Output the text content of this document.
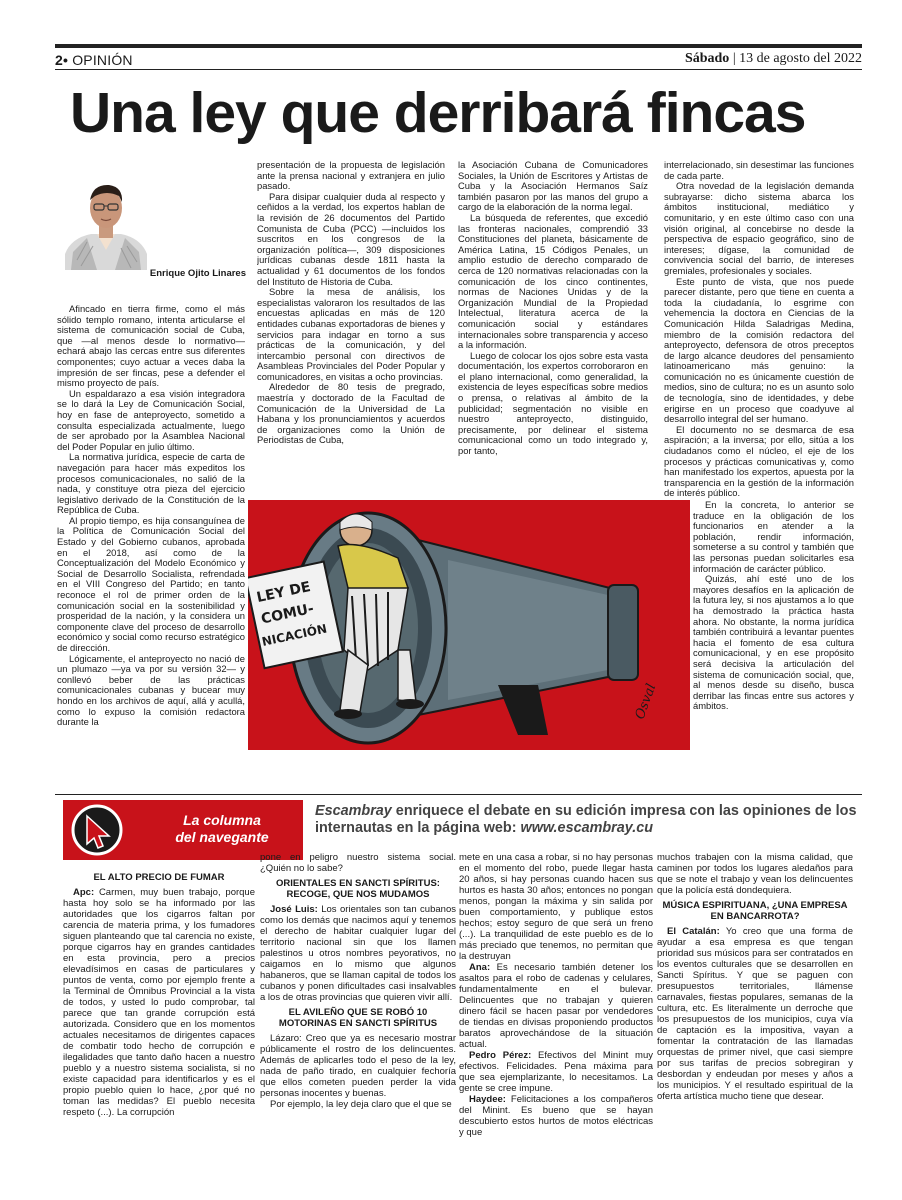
2• OPINIÓN	Sábado | 13 de agosto del 2022
Una ley que derribará fincas
Enrique Ojito Linares

Afincado en tierra firme, como el más sólido templo romano, intenta articularse el sistema de comunicación social de Cuba, que —al menos desde lo normativo— echará abajo las cercas entre sus diferentes componentes; cuyo actuar a veces daba la impresión de ser fincas, pese a defender el mismo proyecto de país.

Un espaldarazo a esa visión integradora se lo dará la Ley de Comunicación Social, hoy en fase de anteproyecto, sometido a consulta especializada actualmente, luego de ser aprobado por la Asamblea Nacional del Poder Popular en julio último.

La normativa jurídica, especie de carta de navegación para hacer más expeditos los procesos comunicacionales, no salió de la nada, y constituye otra pieza del ejercicio legislativo derivado de la Constitución de la República de Cuba.

Al propio tiempo, es hija consanguínea de la Política de Comunicación Social del Estado y del Gobierno cubanos, aprobada en el 2018, así como de la Conceptualización del Modelo Económico y Social de Desarrollo Socialista, refrendada en el VIII Congreso del Partido; en tanto reconoce el rol de primer orden de la comunicación social en la sostenibilidad y prosperidad de la nación, y la considera un componente clave del proceso de desarrollo económico y social como recurso estratégico de dirección.

Lógicamente, el anteproyecto no nació de un plumazo —ya va por su versión 32— y conllevó beber de las prácticas comunicacionales cubanas y bucear muy hondo en los archivos de aquí, allá y acullá, como lo expuso la comisión redactora durante la

presentación de la propuesta de legislación ante la prensa nacional y extranjera en julio pasado.

Para disipar cualquier duda al respecto y ceñidos a la verdad, los expertos hablan de la revisión de 26 documentos del Partido Comunista de Cuba (PCC) —incluidos los suscritos en los congresos de la organización política—, 309 disposiciones jurídicas cubanas desde 1811 hasta la actualidad y 61 documentos de los fondos del Instituto de Historia de Cuba.

Sobre la mesa de análisis, los especialistas valoraron los resultados de las encuestas aplicadas en más de 120 entidades cubanas exportadoras de bienes y servicios para indagar en torno a sus prácticas de la comunicación, y del intercambio personal con directivos de Asambleas Provinciales del Poder Popular y comunicadores, en visitas a ocho provincias.

Alrededor de 80 tesis de pregrado, maestría y doctorado de la Facultad de Comunicación de la Universidad de La Habana y los pronunciamientos y acuerdos de organizaciones como la Unión de Periodistas de Cuba,

la Asociación Cubana de Comunicadores Sociales, la Unión de Escritores y Artistas de Cuba y la Asociación Hermanos Saíz también pasaron por las manos del grupo a cargo de la elaboración de la norma legal.

La búsqueda de referentes, que excedió las fronteras nacionales, comprendió 33 Constituciones del planeta, básicamente de América Latina, 15 Códigos Penales, un amplio estudio de derecho comparado de cerca de 120 normativas relacionadas con la comunicación de los cinco continentes, normas de Naciones Unidas y de la Organización Mundial de la Propiedad Intelectual, literatura acerca de la comunicación social y estándares internacionales sobre transparencia y acceso a la información.

Luego de colocar los ojos sobre esta vasta documentación, los expertos corroboraron en el plano internacional, como generalidad, la existencia de leyes específicas sobre medios o prensa, o relativas al ámbito de la publicidad; segmentación no visible en nuestro anteproyecto, distinguido, precisamente, por delinear el sistema comunicacional como un todo integrado y, por tanto,

interrelacionado, sin desestimar las funciones de cada parte.

Otra novedad de la legislación demanda subrayarse: dicho sistema abarca los ámbitos institucional, mediático y comunitario, y en este último caso con una visión original, al concebirse no desde la perspectiva de espacio geográfico, sino de intereses; dígase, la comunidad de convivencia social del barrio, de intereses gremiales, profesionales y sociales.

Este punto de vista, que nos puede parecer distante, pero que tiene en cuenta a toda la ciudadanía, lo esgrime con vehemencia la doctora en Ciencias de la Comunicación Hilda Saladrigas Medina, miembro de la comisión redactora del anteproyecto, defensora de otros preceptos de largo alcance deudores del pensamiento latinoamericano más genuino: la comunicación no es únicamente cuestión de medios, sino de cultura; no es un asunto solo de tecnología, sino de identidades, y debe erigirse en un proceso que coadyuve al desarrollo integral del ser humano.

El documento no se desmarca de esa aspiración; a la inversa; por ello, sitúa a los ciudadanos como el núcleo, el eje de los procesos y prácticas comunicativas y, como han manifestado los expertos, apuesta por la transparencia en la gestión de la información de interés público.

En la concreta, lo anterior se traduce en la obligación de los funcionarios en atender a la población, rendir información, someterse a su control y también que las personas puedan solicitarles esa información de carácter público.

Quizás, ahí esté uno de los mayores desafíos en la aplicación de la futura ley, si nos ajustamos a lo que ha demostrado la práctica hasta ahora. No obstante, la norma jurídica también contribuirá a levantar puentes hacia el fomento de esa cultura comunicacional, y en ese propósito será decisiva la articulación del sistema de comunicación social, que, al menos desde su diseño, busca derribar las fincas entre sus actores y ámbitos.

LEY DE
COMU-
NICACIÓN
Osval
La columna
del navegante
Escambray enriquece el debate en su edición impresa con las opiniones de los internautas en la página web: www.escambray.cu
EL ALTO PRECIO DE FUMAR

Apc: Carmen, muy buen trabajo, porque hasta hoy solo se ha informado por las autoridades que los cigarros faltan por carencia de materia prima, y los fumadores siguen planteando que tal carencia no existe, porque cigarros hay en grandes cantidades en esta provincia, pero a precios elevadísimos en casas de particulares y puntos de venta, como por ejemplo frente a la Terminal de Ómnibus Provincial a la vista de todos, y usted lo pudo comprobar, tal parece que tan grande corrupción está autorizada. Considero que en los momentos actuales necesitamos de dirigentes capaces de combatir todo hecho de corrupción e ilegalidades que tanto daño hacen a nuestro pueblo y a nuestro sistema socialista, si no existe capacidad para identificarlos y es el propio pueblo quien lo hace, ¿por qué no toman las medidas? El pueblo necesita respeto (...). La corrupción

pone en peligro nuestro sistema social. ¿Quién no lo sabe?

ORIENTALES EN SANCTI SPÍRITUS: RECOGE, QUE NOS MUDAMOS

José Luis: Los orientales son tan cubanos como los demás que nacimos aquí y tenemos el derecho de habitar cualquier lugar del territorio nacional sin que los llamen palestinos u otros nombres peyorativos, no caigamos en lo mismo que algunos habaneros, que se llaman capital de todos los cubanos y ponen dificultades casi insalvables a los de otras provincias que quieren vivir allí.

EL AVILEÑO QUE SE ROBÓ 10 MOTORINAS EN SANCTI SPÍRITUS

Lázaro: Creo que ya es necesario mostrar públicamente el rostro de los delincuentes. Además de aplicarles todo el peso de la ley, nada de paño tirado, en cualquier fechoría que ellos cometen pueden perder la vida personas inocentes y buenas.

Por ejemplo, la ley deja claro que el que se

mete en una casa a robar, si no hay personas en el momento del robo, puede llegar hasta 20 años, si hay personas cuando hacen sus hurtos es hasta 30 años; entonces no pongan menos, pongan la máxima y sin salida por buen comportamiento, y publique estos hechos; estoy seguro de que será un freno (...). La tranquilidad de este pueblo es de lo más preciado que tenemos, no permitan que la destruyan

Ana: Es necesario también detener los asaltos para el robo de cadenas y celulares, fundamentalmente en el bulevar. Delincuentes que no trabajan y quieren dinero fácil se hacen pasar por vendedores de tiendas en divisas proponiendo productos baratos aprovechándose de la situación actual.

Pedro Pérez: Efectivos del Minint muy efectivos. Felicidades. Pena máxima para que sea ejemplarizante, lo necesitamos. La gente se cree impune.

Haydee: Felicitaciones a los compañeros del Minint. Es bueno que se hayan descubierto estos hurtos de motos eléctricas y que

muchos trabajen con la misma calidad, que caminen por todos los lugares aledaños para que se note el trabajo y vean los delincuentes que la policía está dondequiera.

MÚSICA ESPIRITUANA, ¿UNA EMPRESA EN BANCARROTA?

El Catalán: Yo creo que una forma de ayudar a esa empresa es que tengan prioridad sus músicos para ser contratados en los eventos culturales que se desarrollen en Sancti Spíritus. Y que se paguen con presupuestos territoriales, llámense carnavales, fiestas populares, semanas de la cultura, etc. Es literalmente un derroche que los presupuestos de los municipios, cuya vía de captación es la impositiva, vayan a fomentar la contratación de las llamadas orquestas de primer nivel, que casi siempre por sus tarifas de precios sobregiran y desbordan y endeudan por meses y años a los municipios. Y el resultado espiritual de la oferta artística mucho tiene que desear.
